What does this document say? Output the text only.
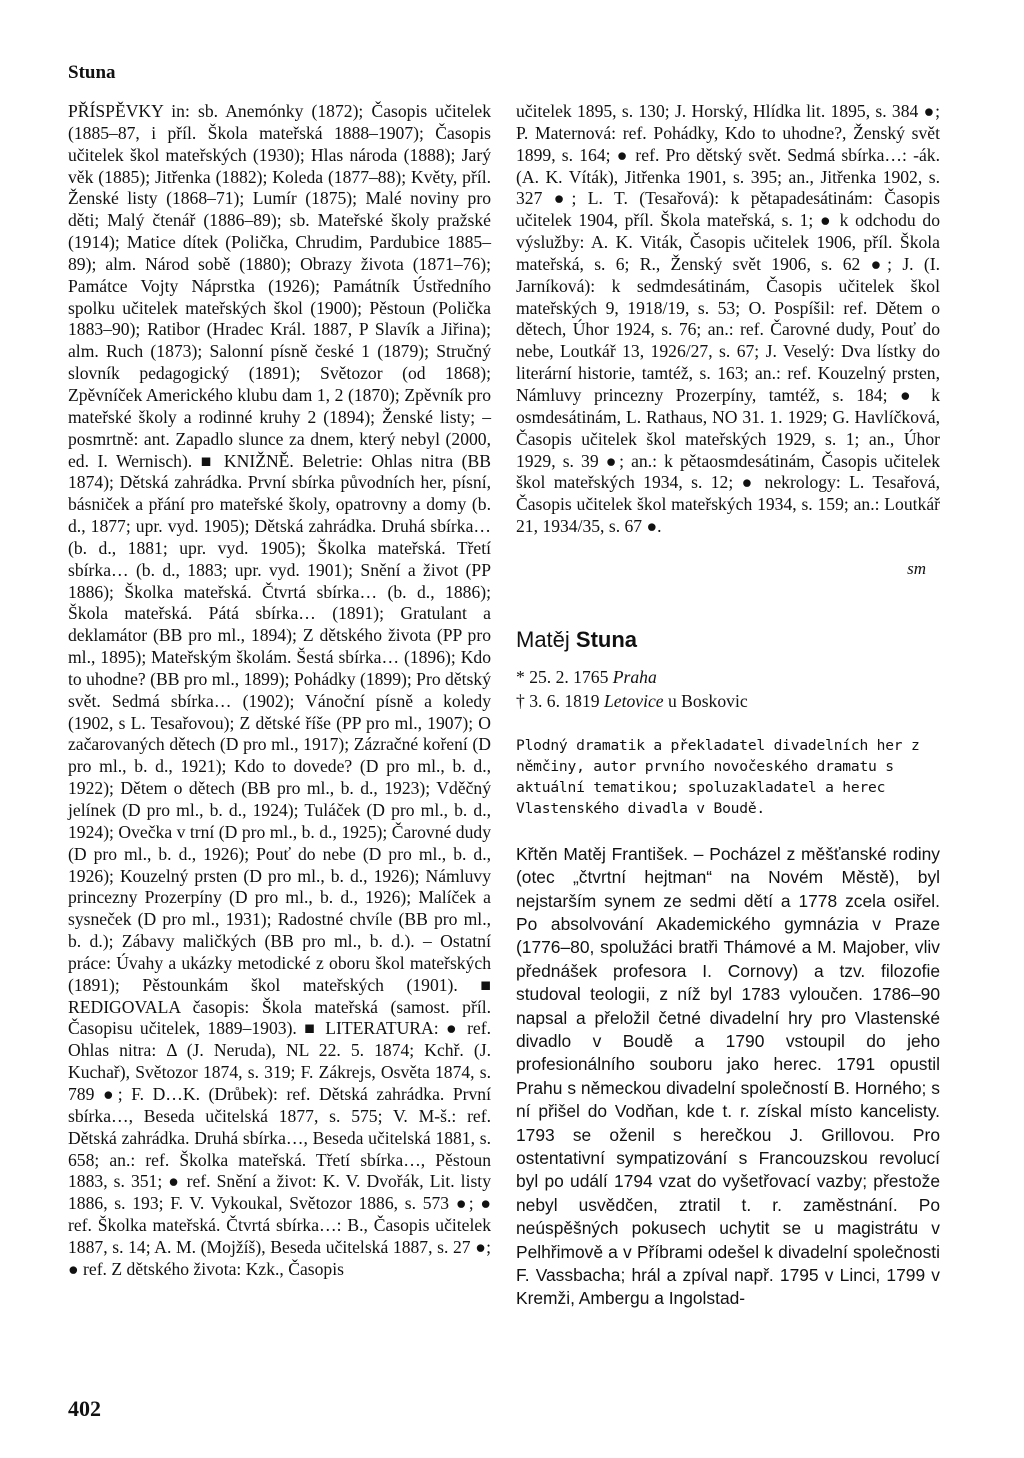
Stuna

PŘÍSPĚVKY in: sb. Anemónky (1872); Časopis učitelek (1885–87, i příl. Škola mateřská 1888–1907); Časopis učitelek škol mateřských (1930); Hlas národa (1888); Jarý věk (1885); Jitřenka (1882); Koleda (1877–88); Květy, příl. Ženské listy (1868–71); Lumír (1875); Malé noviny pro děti; Malý čtenář (1886–89); sb. Mateřské školy pražské (1914); Matice dítek (Polička, Chrudim, Pardubice 1885–89); alm. Národ sobě (1880); Obrazy života (1871–76); Památce Vojty Náprstka (1926); Památník Ústředního spolku učitelek mateřských škol (1900); Pěstoun (Polička 1883–90); Ratibor (Hradec Král. 1887, P Slavík a Jiřina); alm. Ruch (1873); Salonní písně české 1 (1879); Stručný slovník pedagogický (1891); Světozor (od 1868); Zpěvníček Amerického klubu dam 1, 2 (1870); Zpěvník pro mateřské školy a rodinné kruhy 2 (1894); Ženské listy; – posmrtně: ant. Zapadlo slunce za dnem, který nebyl (2000, ed. I. Wernisch). ■ KNIŽNĚ. Beletrie: Ohlas nitra (BB 1874); Dětská zahrádka. První sbírka původních her, písní, básniček a přání pro mateřské školy, opatrovny a domy (b. d., 1877; upr. vyd. 1905); Dětská zahrádka. Druhá sbírka… (b. d., 1881; upr. vyd. 1905); Školka mateřská. Třetí sbírka… (b. d., 1883; upr. vyd. 1901); Snění a život (PP 1886); Školka mateřská. Čtvrtá sbírka… (b. d., 1886); Škola mateřská. Pátá sbírka… (1891); Gratulant a deklamátor (BB pro ml., 1894); Z dětského života (PP pro ml., 1895); Mateřským školám. Šestá sbírka… (1896); Kdo to uhodne? (BB pro ml., 1899); Pohádky (1899); Pro dětský svět. Sedmá sbírka… (1902); Vánoční písně a koledy (1902, s L. Tesařovou); Z dětské říše (PP pro ml., 1907); O začarovaných dětech (D pro ml., 1917); Zázračné koření (D pro ml., b. d., 1921); Kdo to dovede? (D pro ml., b. d., 1922); Dětem o dětech (BB pro ml., b. d., 1923); Vděčný jelínek (D pro ml., b. d., 1924); Tuláček (D pro ml., b. d., 1924); Ovečka v trní (D pro ml., b. d., 1925); Čarovné dudy (D pro ml., b. d., 1926); Pouť do nebe (D pro ml., b. d., 1926); Kouzelný prsten (D pro ml., b. d., 1926); Námluvy princezny Prozerpíny (D pro ml., b. d., 1926); Malíček a sysneček (D pro ml., 1931); Radostné chvíle (BB pro ml., b. d.); Zábavy maličkých (BB pro ml., b. d.). – Ostatní práce: Úvahy a ukázky metodické z oboru škol mateřských (1891); Pěstounkám škol mateřských (1901). ■ REDIGOVALA časopis: Škola mateřská (samost. příl. Časopisu učitelek, 1889–1903). ■ LITERATURA: ● ref. Ohlas nitra: Δ (J. Neruda), NL 22. 5. 1874; Kchř. (J. Kuchař), Světozor 1874, s. 319; F. Zákrejs, Osvěta 1874, s. 789 ●; F. D…K. (Drůbek): ref. Dětská zahrádka. První sbírka…, Beseda učitelská 1877, s. 575; V. M-š.: ref. Dětská zahrádka. Druhá sbírka…, Beseda učitelská 1881, s. 658; an.: ref. Školka mateřská. Třetí sbírka…, Pěstoun 1883, s. 351; ● ref. Snění a život: K. V. Dvořák, Lit. listy 1886, s. 193; F. V. Vykoukal, Světozor 1886, s. 573 ●; ● ref. Školka mateřská. Čtvrtá sbírka…: B., Časopis učitelek 1887, s. 14; A. M. (Mojžíš), Beseda učitelská 1887, s. 27 ●; ● ref. Z dětského života: Kzk., Časopis

učitelek 1895, s. 130; J. Horský, Hlídka lit. 1895, s. 384 ●; P. Maternová: ref. Pohádky, Kdo to uhodne?, Ženský svět 1899, s. 164; ● ref. Pro dětský svět. Sedmá sbírka…: -ák.(A. K. Víták), Jitřenka 1901, s. 395; an., Jitřenka 1902, s. 327 ●; L. T. (Tesařová): k pětapadesátinám: Časopis učitelek 1904, příl. Škola mateřská, s. 1; ● k odchodu do výslužby: A. K. Viták, Časopis učitelek 1906, příl. Škola mateřská, s. 6; R., Ženský svět 1906, s. 62 ●; J. (I. Jarníková): k sedmdesátinám, Časopis učitelek škol mateřských 9, 1918/19, s. 53; O. Pospíšil: ref. Dětem o dětech, Úhor 1924, s. 76; an.: ref. Čarovné dudy, Pouť do nebe, Loutkář 13, 1926/27, s. 67; J. Veselý: Dva lístky do literární historie, tamtéž, s. 163; an.: ref. Kouzelný prsten, Námluvy princezny Prozerpíny, tamtéž, s. 184; ● k osmdesátinám, L. Rathaus, NO 31. 1. 1929; G. Havlíčková, Časopis učitelek škol mateřských 1929, s. 1; an., Úhor 1929, s. 39 ●; an.: k pětaosmdesátinám, Časopis učitelek škol mateřských 1934, s. 12; ● nekrology: L. Tesařová, Časopis učitelek škol mateřských 1934, s. 159; an.: Loutkář 21, 1934/35, s. 67 ●.

sm
Matěj Stuna
* 25. 2. 1765 Praha
† 3. 6. 1819 Letovice u Boskovic
Plodný dramatik a překladatel divadelních her z němčiny, autor prvního novočeského dramatu s aktuální tematikou; spoluzakladatel a herec Vlastenského divadla v Boudě.
Křtěn Matěj František. – Pocházel z měšťanské rodiny (otec „čtvrtní hejtman“ na Novém Městě), byl nejstarším synem ze sedmi dětí a 1778 zcela osiřel. Po absolvování Akademického gymnázia v Praze (1776–80, spolužáci bratři Thámové a M. Majober, vliv přednášek profesora I. Cornovy) a tzv. filozofie studoval teologii, z níž byl 1783 vyloučen. 1786–90 napsal a přeložil četné divadelní hry pro Vlastenské divadlo v Boudě a 1790 vstoupil do jeho profesionálního souboru jako herec. 1791 opustil Prahu s německou divadelní společností B. Horného; s ní přišel do Vodňan, kde t. r. získal místo kancelisty. 1793 se oženil s herečkou J. Grillovou. Pro ostentativní sympatizování s Francouzskou revolucí byl po událí 1794 vzat do vyšetřovací vazby; přestože nebyl usvědčen, ztratil t. r. zaměstnání. Po neúspěšných pokusech uchytit se u magistrátu v Pelhřimově a v Příbrami odešel k divadelní společnosti F. Vassbacha; hrál a zpíval např. 1795 v Linci, 1799 v Kremži, Ambergu a Ingolstad-
402
